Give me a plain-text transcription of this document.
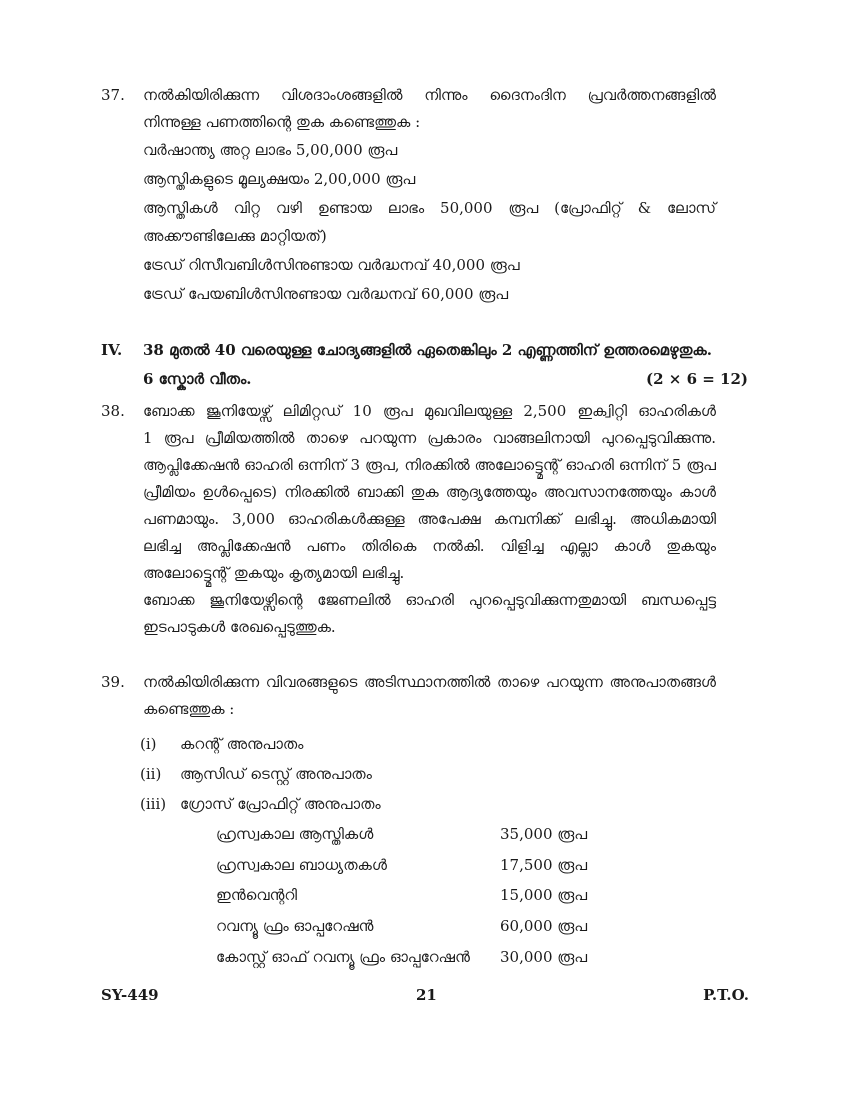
37. നൽകിയിരിക്കുന്ന വിശദാംശങ്ങളിൽ നിന്നും ദൈനംദിന പ്രവർത്തനങ്ങളിൽ
നിന്നുള്ള പണത്തിന്റെ തുക കണ്ടെത്തുക :
വർഷാന്ത്യ അറ്റ ലാഭം 5,00,000 രൂപ
ആസ്തികളുടെ മൂല്യക്ഷയം 2,00,000 രൂപ
ആസ്തികൾ വിറ്റ വഴി ഉണ്ടായ ലാഭം 50,000 രൂപ (പ്രോഫിറ്റ് & ലോസ്
അക്കൗണ്ടിലേക്കു മാറ്റിയത്)
ട്രേഡ് റിസീവബിൾസിനുണ്ടായ വർദ്ധനവ് 40,000 രൂപ
ട്രേഡ് പേയബിൾസിനുണ്ടായ വർദ്ധനവ് 60,000 രൂപ
IV. 38 മുതൽ 40 വരെയുള്ള ചോദ്യങ്ങളിൽ ഏതെങ്കിലും 2 എണ്ണത്തിന് ഉത്തരമെഴുതുക.
6 സ്കോർ വീതം.	(2 × 6 = 12)
38. ബോക്ക ജൂനിയേഴ്സ് ലിമിറ്റഡ് 10 രൂപ മുഖവിലയുള്ള 2,500 ഇക്വിറ്റി ഓഹരികൾ
1 രൂപ പ്രീമിയത്തിൽ താഴെ പറയുന്ന പ്രകാരം വാങ്ങലിനായി പുറപ്പെടുവിക്കുന്നു.
ആപ്ലിക്കേഷൻ ഓഹരി ഒന്നിന് 3 രൂപ, നിരക്കിൽ അലോട്ട്മെന്റ് ഓഹരി ഒന്നിന് 5 രൂപ
പ്രീമിയം ഉൾപ്പെടെ) നിരക്കിൽ ബാക്കി തുക ആദ്യത്തേയും അവസാനത്തേയും കാൾ
പണമായും. 3,000 ഓഹരികൾക്കുള്ള അപേക്ഷ കമ്പനിക്ക് ലഭിച്ചു. അധികമായി
ലഭിച്ച അപ്ലിക്കേഷൻ പണം തിരികെ നൽകി. വിളിച്ച എല്ലാ കാൾ തുകയും
അലോട്ട്മെന്റ് തുകയും കൃത്യമായി ലഭിച്ചു.
ബോക്ക ജൂനിയേഴ്സിന്റെ ജേണലിൽ ഓഹരി പുറപ്പെടുവിക്കുന്നതുമായി ബന്ധപ്പെട്ട
ഇടപാടുകൾ രേഖപ്പെടുത്തുക.
39. നൽകിയിരിക്കുന്ന വിവരങ്ങളുടെ അടിസ്ഥാനത്തിൽ താഴെ പറയുന്ന അനുപാതങ്ങൾ
കണ്ടെത്തുക :
(i) കറന്റ് അനുപാതം
(ii) ആസിഡ് ടെസ്റ്റ് അനുപാതം
(iii) ഗ്രോസ് പ്രോഫിറ്റ് അനുപാതം
ഹ്രസ്വകാല ആസ്തികൾ	35,000 രൂപ
ഹ്രസ്വകാല ബാധ്യതകൾ	17,500 രൂപ
ഇൻവെന്ററി	15,000 രൂപ
റവന്യൂ ഫ്രം ഓപ്പറേഷൻ	60,000 രൂപ
കോസ്റ്റ് ഓഫ് റവന്യൂ ഫ്രം ഓപ്പറേഷൻ 30,000 രൂപ
SY-449	21	P.T.O.
